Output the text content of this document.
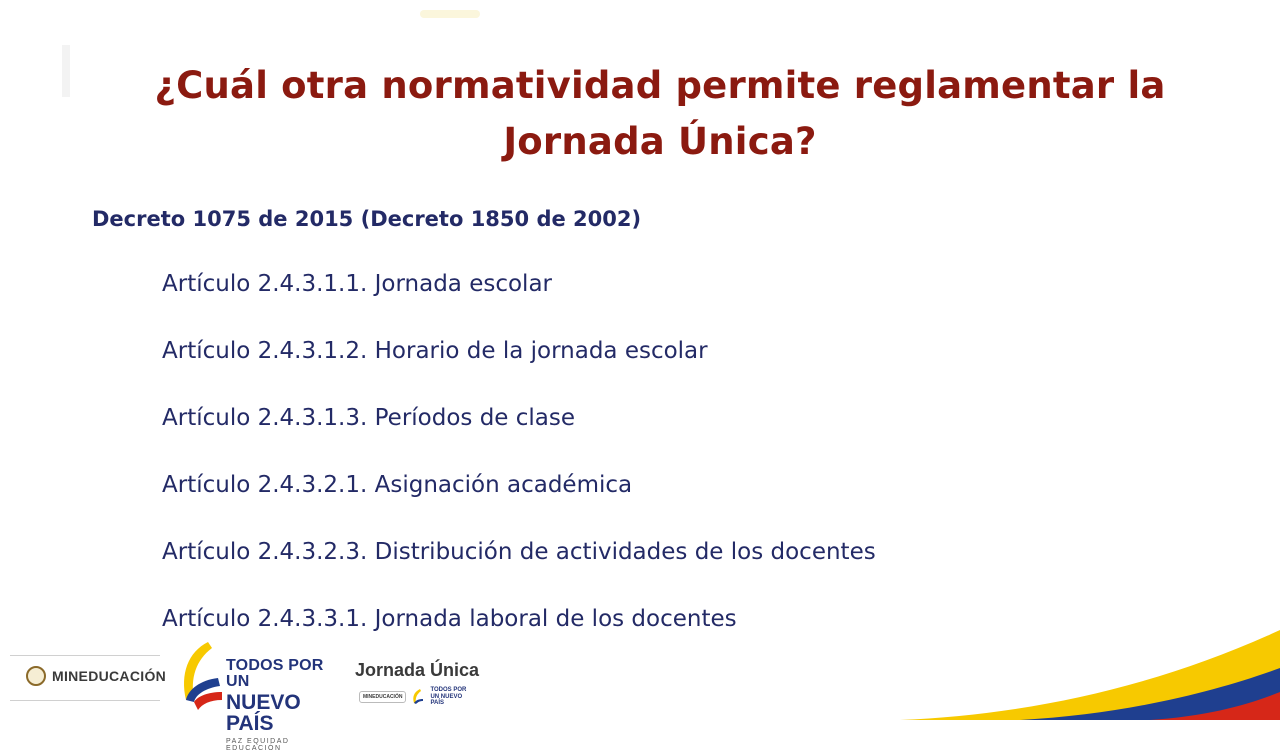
¿Cuál otra normatividad permite reglamentar la Jornada Única?

Decreto 1075 de 2015 (Decreto 1850 de 2002)

Artículo 2.4.3.1.1. Jornada escolar
Artículo 2.4.3.1.2. Horario de la jornada escolar
Artículo 2.4.3.1.3. Períodos de clase
Artículo 2.4.3.2.1. Asignación académica
Artículo 2.4.3.2.3. Distribución de actividades de los docentes
Artículo 2.4.3.3.1. Jornada laboral de los docentes
MINEDUCACIÓN
TODOS POR UN
NUEVO PAÍS
PAZ EQUIDAD EDUCACIÓN
Jornada Única
MINEDUCACIÓN
TODOS POR UN NUEVO PAÍS
